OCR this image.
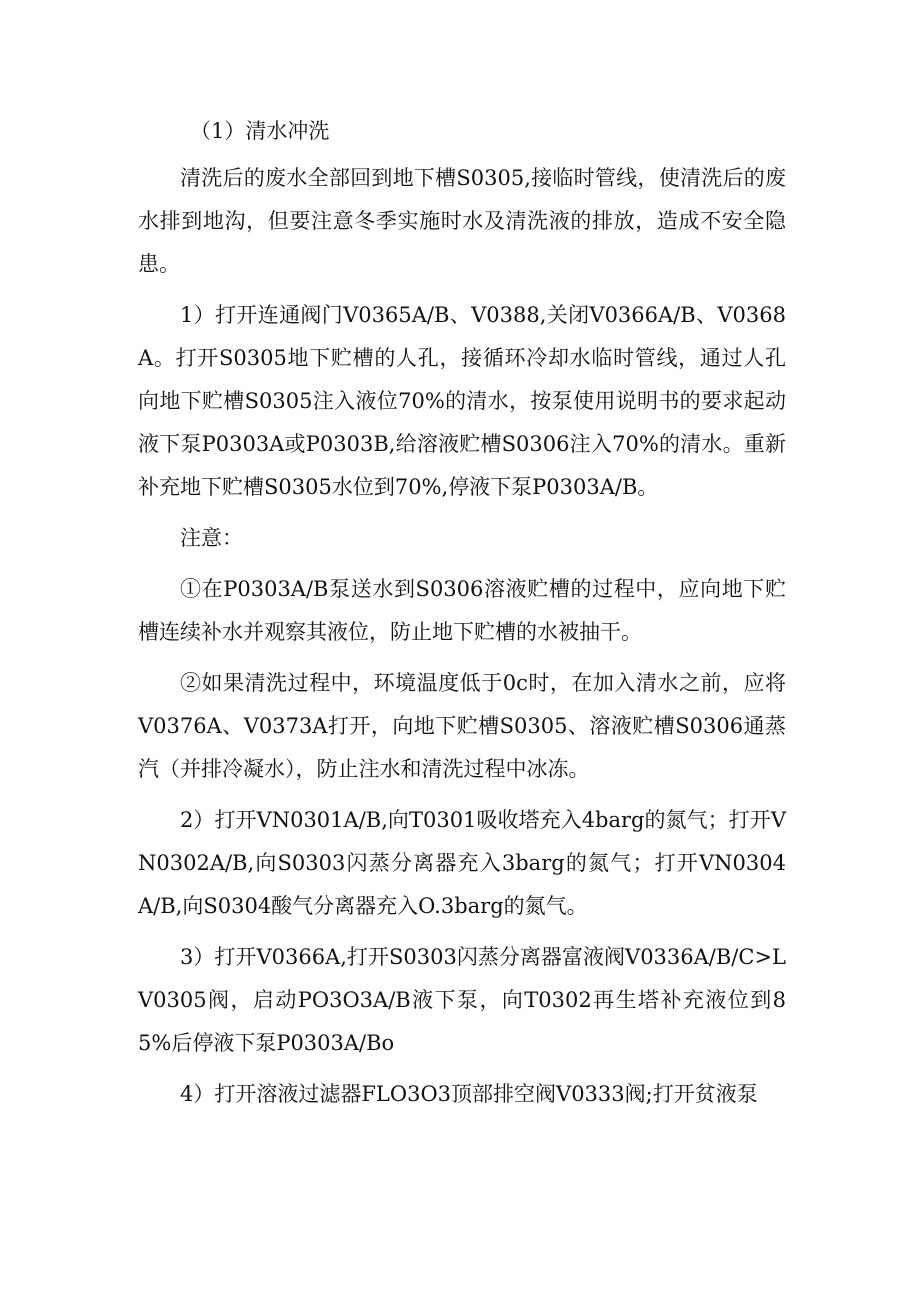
（1）清水冲洗

清洗后的废水全部回到地下槽S0305,接临时管线，使清洗后的废水排到地沟，但要注意冬季实施时水及清洗液的排放，造成不安全隐患。

1）打开连通阀门V0365A/B、V0388,关闭V0366A/B、V0368A。打开S0305地下贮槽的人孔，接循环冷却水临时管线，通过人孔向地下贮槽S0305注入液位70%的清水，按泵使用说明书的要求起动液下泵P0303A或P0303B,给溶液贮槽S0306注入70%的清水。重新补充地下贮槽S0305水位到70%,停液下泵P0303A/B。

注意：

①在P0303A/B泵送水到S0306溶液贮槽的过程中，应向地下贮槽连续补水并观察其液位，防止地下贮槽的水被抽干。

②如果清洗过程中，环境温度低于0c时，在加入清水之前，应将V0376A、V0373A打开，向地下贮槽S0305、溶液贮槽S0306通蒸汽（并排冷凝水），防止注水和清洗过程中冰冻。

2）打开VN0301A/B,向T0301吸收塔充入4barg的氮气；打开VN0302A/B,向S0303闪蒸分离器充入3barg的氮气；打开VN0304A/B,向S0304酸气分离器充入O.3barg的氮气。

3）打开V0366A,打开S0303闪蒸分离器富液阀V0336A/B/C>LV0305阀，启动PO3O3A/B液下泵，向T0302再生塔补充液位到85%后停液下泵P0303A/Bo

4）打开溶液过滤器FLO3O3顶部排空阀V0333阀;打开贫液泵
